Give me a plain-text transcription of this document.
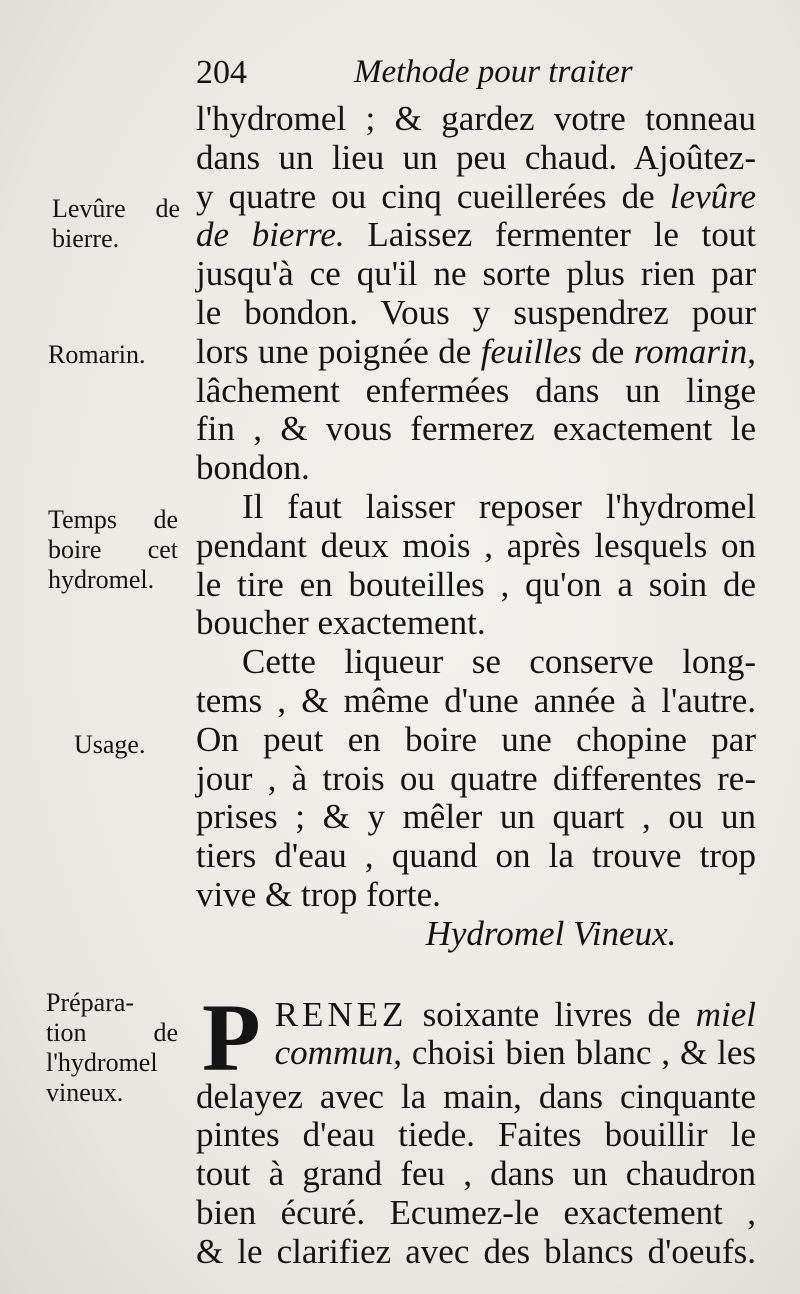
204	Methode pour traiter
Levûre de
bierre.
Romarin.
Temps de
boire cet
hydromel.
Usage.
Prépara-
tion de
l'hydromel
vineux.
l'hydromel ; & gardez votre tonneau
dans un lieu un peu chaud. Ajoûtez-
y quatre ou cinq cueillerées de levûre
de bierre. Laissez fermenter le tout
jusqu'à ce qu'il ne sorte plus rien par
le bondon. Vous y suspendrez pour
lors une poignée de feuilles de romarin,
lâchement enfermées dans un linge
fin , & vous fermerez exactement le
bondon.
Il faut laisser reposer l'hydromel
pendant deux mois , après lesquels on
le tire en bouteilles , qu'on a soin de
boucher exactement.
Cette liqueur se conserve long-
tems , & même d'une année à l'autre.
On peut en boire une chopine par
jour , à trois ou quatre differentes re-
prises ; & y mêler un quart , ou un
tiers d'eau , quand on la trouve trop
vive & trop forte.
Hydromel Vineux.
P RENEZ soixante livres de miel
commun, choisi bien blanc , & les
delayez avec la main, dans cinquante
pintes d'eau tiede. Faites bouillir le
tout à grand feu , dans un chaudron
bien écuré. Ecumez-le exactement ,
& le clarifiez avec des blancs d'oeufs.
